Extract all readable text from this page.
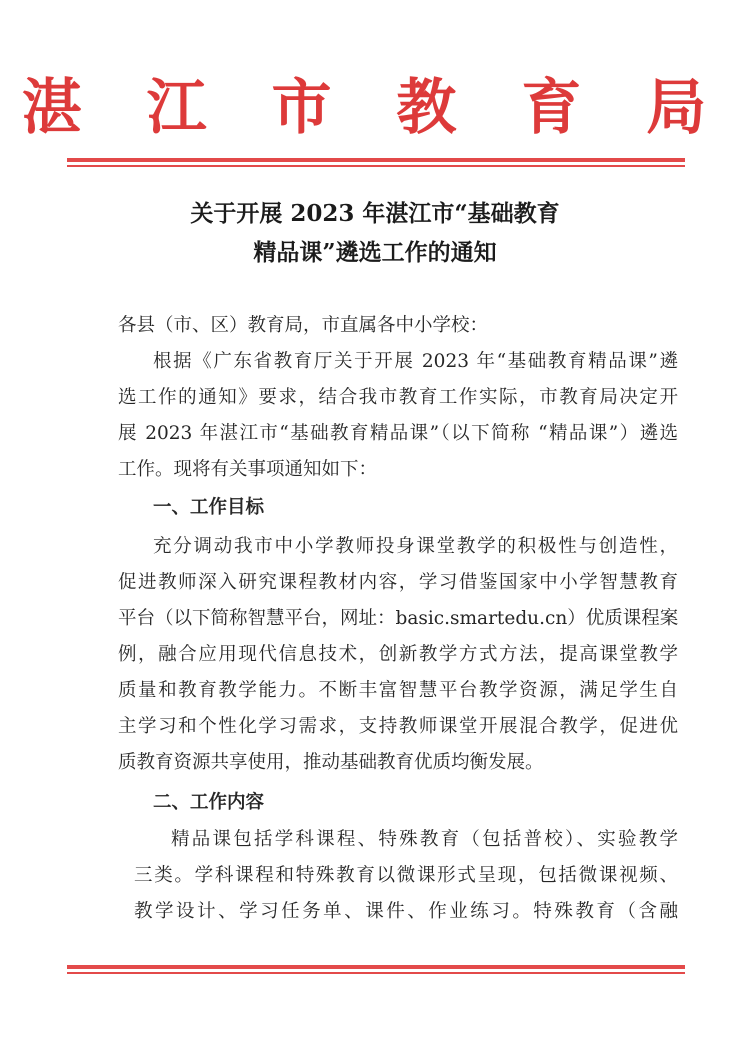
湛 江 市 教 育 局
关于开展 2023 年湛江市“基础教育
精品课”遴选工作的通知
各县（市、区）教育局，市直属各中小学校：
根据《广东省教育厅关于开展 2023 年“基础教育精品课”遴
选工作的通知》要求，结合我市教育工作实际，市教育局决定开
展 2023 年湛江市“基础教育精品课”（以下简称 “精品课”）遴选
工作。现将有关事项通知如下：
一、工作目标
充分调动我市中小学教师投身课堂教学的积极性与创造性，
促进教师深入研究课程教材内容，学习借鉴国家中小学智慧教育
平台（以下简称智慧平台，网址：basic.smartedu.cn）优质课程案
例，融合应用现代信息技术，创新教学方式方法，提高课堂教学
质量和教育教学能力。不断丰富智慧平台教学资源，满足学生自
主学习和个性化学习需求，支持教师课堂开展混合教学，促进优
质教育资源共享使用，推动基础教育优质均衡发展。
二、工作内容
精品课包括学科课程、特殊教育（包括普校）、实验教学
三类。学科课程和特殊教育以微课形式呈现，包括微课视频、
教学设计、学习任务单、课件、作业练习。特殊教育（含融
